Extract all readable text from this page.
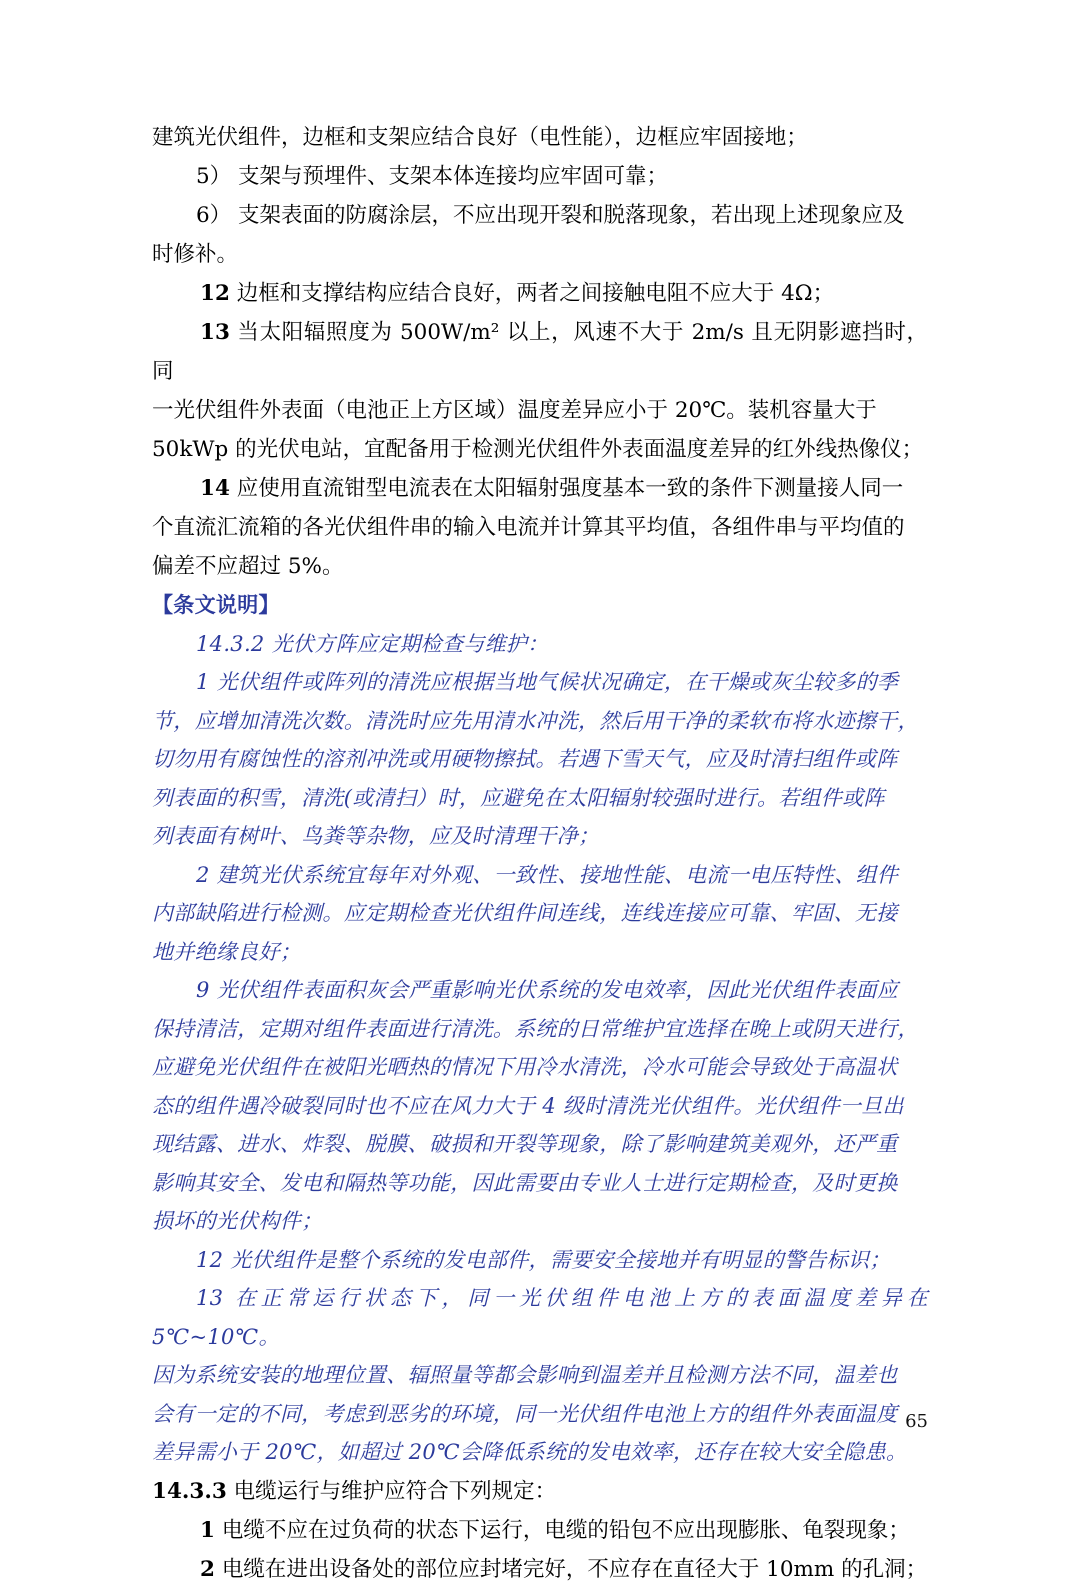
建筑光伏组件，边框和支架应结合良好（电性能），边框应牢固接地；

5） 支架与预埋件、支架本体连接均应牢固可靠；

6） 支架表面的防腐涂层，不应出现开裂和脱落现象，若出现上述现象应及

时修补。

12 边框和支撑结构应结合良好，两者之间接触电阻不应大于 4Ω；

13 当太阳辐照度为 500W/m² 以上，风速不大于 2m/s 且无阴影遮挡时，同

一光伏组件外表面（电池正上方区域）温度差异应小于 20℃。装机容量大于

50kWp 的光伏电站，宜配备用于检测光伏组件外表面温度差异的红外线热像仪；

14 应使用直流钳型电流表在太阳辐射强度基本一致的条件下测量接人同一

个直流汇流箱的各光伏组件串的输入电流并计算其平均值，各组件串与平均值的

偏差不应超过 5%。

【条文说明】

14.3.2 光伏方阵应定期检查与维护：

1 光伏组件或阵列的清洗应根据当地气候状况确定，在干燥或灰尘较多的季

节，应增加清洗次数。清洗时应先用清水冲洗，然后用干净的柔软布将水迹擦干，

切勿用有腐蚀性的溶剂冲洗或用硬物擦拭。若遇下雪天气，应及时清扫组件或阵

列表面的积雪，清洗(或清扫）时，应避免在太阳辐射较强时进行。若组件或阵

列表面有树叶、鸟粪等杂物，应及时清理干净；

2 建筑光伏系统宜每年对外观、一致性、接地性能、电流一电压特性、组件

内部缺陷进行检测。应定期检查光伏组件间连线，连线连接应可靠、牢固、无接

地并绝缘良好；

9 光伏组件表面积灰会严重影响光伏系统的发电效率，因此光伏组件表面应

保持清洁，定期对组件表面进行清洗。系统的日常维护宜选择在晚上或阴天进行，

应避免光伏组件在被阳光晒热的情况下用冷水清洗，冷水可能会导致处于高温状

态的组件遇冷破裂同时也不应在风力大于 4 级时清洗光伏组件。光伏组件一旦出

现结露、进水、炸裂、脱膜、破损和开裂等现象，除了影响建筑美观外，还严重

影响其安全、发电和隔热等功能，因此需要由专业人士进行定期检查，及时更换

损坏的光伏构件；

12 光伏组件是整个系统的发电部件，需要安全接地并有明显的警告标识；

13 在正常运行状态下，同一光伏组件电池上方的表面温度差异在 5℃~10℃。

因为系统安装的地理位置、辐照量等都会影响到温差并且检测方法不同，温差也

会有一定的不同，考虑到恶劣的环境，同一光伏组件电池上方的组件外表面温度

差异需小于 20℃，如超过 20℃会降低系统的发电效率，还存在较大安全隐患。

14.3.3 电缆运行与维护应符合下列规定：

1 电缆不应在过负荷的状态下运行，电缆的铅包不应出现膨胀、龟裂现象；

2 电缆在进出设备处的部位应封堵完好，不应存在直径大于 10mm 的孔洞；

65
